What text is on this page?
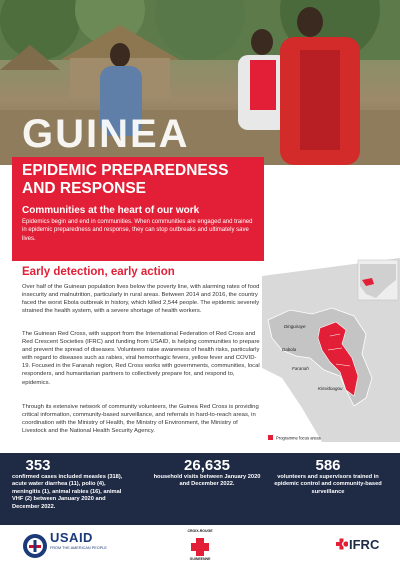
GUINEA
EPIDEMIC PREPAREDNESS
AND RESPONSE
Communities at the heart of our work
Epidemics begin and end in communities. When communities are engaged and trained in epidemic preparedness and response, they can stop outbreaks and ultimately save lives.
Early detection, early action

Over half of the Guinean population lives below the poverty line, with alarming rates of food insecurity and malnutrition, particularly in rural areas. Between 2014 and 2016, the country faced the worst Ebola outbreak in history, which killed 2,544 people. The epidemic severely strained the health system, with a severe shortage of health workers.

The Guinean Red Cross, with support from the International Federation of Red Cross and Red Crescent Societies (IFRC) and funding from USAID, is helping communities to prepare and prevent the spread of diseases. Volunteers raise awareness of health risks, particularly with regard to diseases such as rabies, viral hemorrhagic fevers, yellow fever and COVID-19. Focused in the Faranah region, Red Cross works with governments, communities, local responders, and humanitarian partners to collectively prepare for, and respond to, epidemics.

Through its extensive network of community volunteers, the Guinea Red Cross is providing critical information, community-based surveillance, and referrals in hard-to-reach areas, in coordination with the Ministry of Health, the Ministry of Environment, the Ministry of Livestock and the National Health Security Agency.

Dinguiraye
Dabola
Faranah
Kissidougou
Programme focus areas
353
confirmed cases included measles (318), acute water diarrhea (11), polio (4), meningitis (1), animal rabies (16), animal VHF (2) between January 2020 and December 2022.
26,635
household visits between January 2020 and December 2022.
586
volunteers and supervisors trained in epidemic control and community-based surveillance
USAID
FROM THE AMERICAN PEOPLE
CROIX-ROUGE
GUINEENNE
IFRC
